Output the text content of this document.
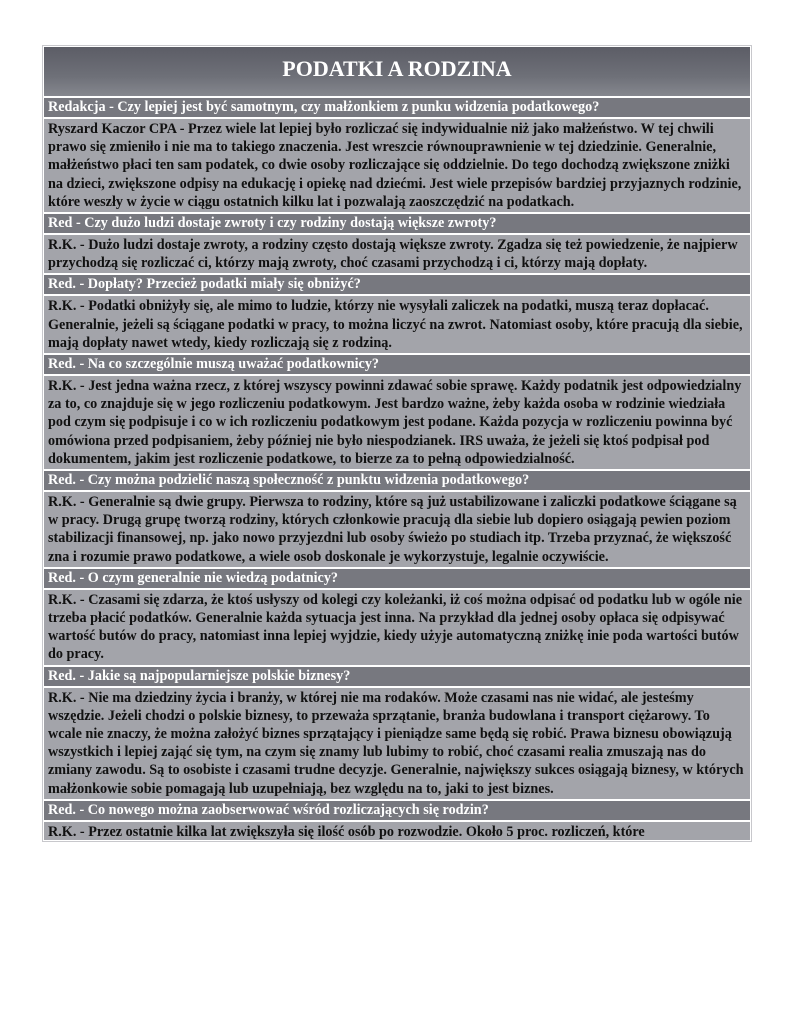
PODATKI A RODZINA
Redakcja - Czy lepiej jest być samotnym, czy małżonkiem z punku widzenia podatkowego?
Ryszard Kaczor CPA - Przez wiele lat lepiej było rozliczać się indywidualnie niż jako małżeństwo. W tej chwili prawo się zmieniło i nie ma to takiego znaczenia. Jest wreszcie równouprawnienie w tej dziedzinie. Generalnie, małżeństwo płaci ten sam podatek, co dwie osoby rozliczające się oddzielnie. Do tego dochodzą zwiększone zniżki na dzieci, zwiększone odpisy na edukację i opiekę nad dziećmi. Jest wiele przepisów bardziej przyjaznych rodzinie, które weszły w życie w ciągu ostatnich kilku lat i pozwalają zaoszczędzić na podatkach.
Red - Czy dużo ludzi dostaje zwroty i czy rodziny dostają większe zwroty?
R.K. - Dużo ludzi dostaje zwroty, a rodziny często dostają większe zwroty. Zgadza się też powiedzenie, że najpierw przychodzą się rozliczać ci, którzy mają zwroty, choć czasami przychodzą i ci, którzy mają dopłaty.
Red. - Dopłaty? Przecież podatki miały się obniżyć?
R.K. - Podatki obniżyły się, ale mimo to ludzie, którzy nie wysyłali zaliczek na podatki, muszą teraz dopłacać. Generalnie, jeżeli są ściągane podatki w pracy, to można liczyć na zwrot. Natomiast osoby, które pracują dla siebie, mają dopłaty nawet wtedy, kiedy rozliczają się z rodziną.
Red. - Na co szczególnie muszą uważać podatkownicy?
R.K. - Jest jedna ważna rzecz, z której wszyscy powinni zdawać sobie sprawę. Każdy podatnik jest odpowiedzialny za to, co znajduje się w jego rozliczeniu podatkowym. Jest bardzo ważne, żeby każda osoba w rodzinie wiedziała pod czym się podpisuje i co w ich rozliczeniu podatkowym jest podane. Każda pozycja w rozliczeniu powinna być omówiona przed podpisaniem, żeby później nie było niespodzianek. IRS uważa, że jeżeli się ktoś podpisał pod dokumentem, jakim jest rozliczenie podatkowe, to bierze za to pełną odpowiedzialność.
Red. - Czy można podzielić naszą społeczność z punktu widzenia podatkowego?
R.K. - Generalnie są dwie grupy. Pierwsza to rodziny, które są już ustabilizowane i zaliczki podatkowe ściągane są w pracy. Drugą grupę tworzą rodziny, których członkowie pracują dla siebie lub dopiero osiągają pewien poziom stabilizacji finansowej, np. jako nowo przyjezdni lub osoby świeżo po studiach itp. Trzeba przyznać, że większość zna i rozumie prawo podatkowe, a wiele osob doskonale je wykorzystuje, legalnie oczywiście.
Red. - O czym generalnie nie wiedzą podatnicy?
R.K. - Czasami się zdarza, że ktoś usłyszy od kolegi czy koleżanki, iż coś można odpisać od podatku lub w ogóle nie trzeba płacić podatków. Generalnie każda sytuacja jest inna. Na przykład dla jednej osoby opłaca się odpisywać wartość butów do pracy, natomiast inna lepiej wyjdzie, kiedy użyje automatyczną zniżkę inie poda wartości butów do pracy.
Red. - Jakie są najpopularniejsze polskie biznesy?
R.K. - Nie ma dziedziny życia i branży, w której nie ma rodaków. Może czasami nas nie widać, ale jesteśmy wszędzie. Jeżeli chodzi o polskie biznesy, to przeważa sprzątanie, branża budowlana i transport ciężarowy. To wcale nie znaczy, że można założyć biznes sprzątający i pieniądze same będą się robić. Prawa biznesu obowiązują wszystkich i lepiej zająć się tym, na czym się znamy lub lubimy to robić, choć czasami realia zmuszają nas do zmiany zawodu. Są to osobiste i czasami trudne decyzje. Generalnie, największy sukces osiągają biznesy, w których małżonkowie sobie pomagają lub uzupełniają, bez względu na to, jaki to jest biznes.
Red. - Co nowego można zaobserwować wśród rozliczających się rodzin?
R.K. - Przez ostatnie kilka lat zwiększyła się ilość osób po rozwodzie. Około 5 proc. rozliczeń, które
